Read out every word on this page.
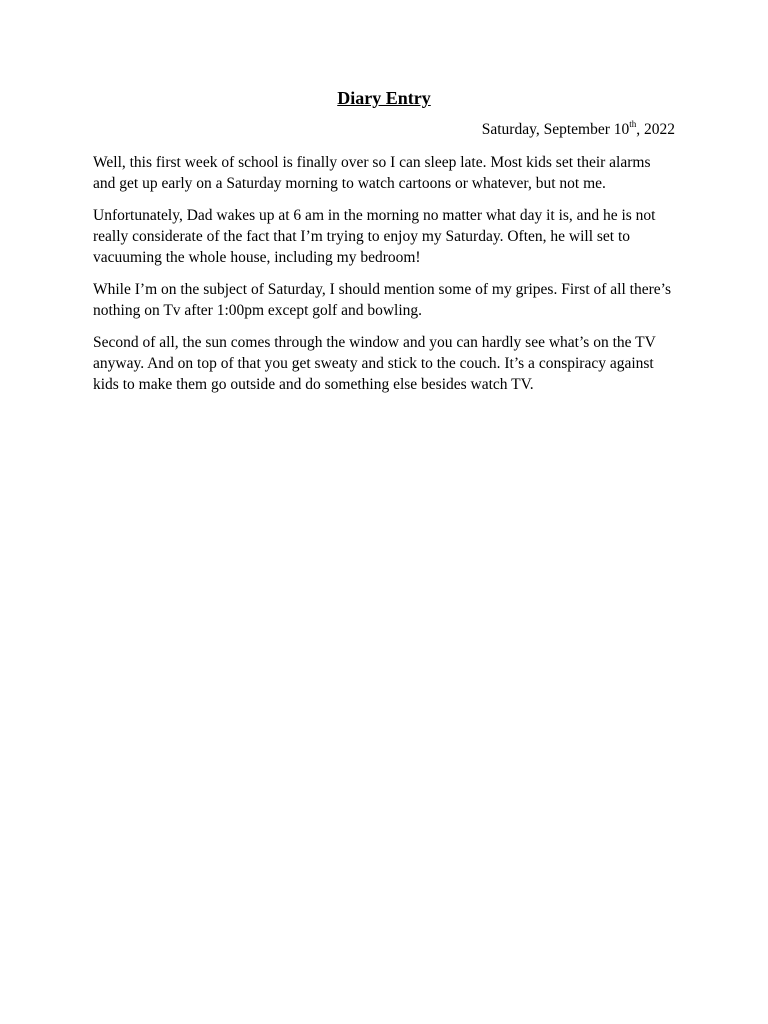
Diary Entry
Saturday, September 10th, 2022

Well, this first week of school is finally over so I can sleep late. Most kids set their alarms and get up early on a Saturday morning to watch cartoons or whatever, but not me.

Unfortunately, Dad wakes up at 6 am in the morning no matter what day it is, and he is not really considerate of the fact that I’m trying to enjoy my Saturday. Often, he will set to vacuuming the whole house, including my bedroom!

While I’m on the subject of Saturday, I should mention some of my gripes. First of all there’s nothing on Tv after 1:00pm except golf and bowling.

Second of all, the sun comes through the window and you can hardly see what’s on the TV anyway. And on top of that you get sweaty and stick to the couch. It’s a conspiracy against kids to make them go outside and do something else besides watch TV.
